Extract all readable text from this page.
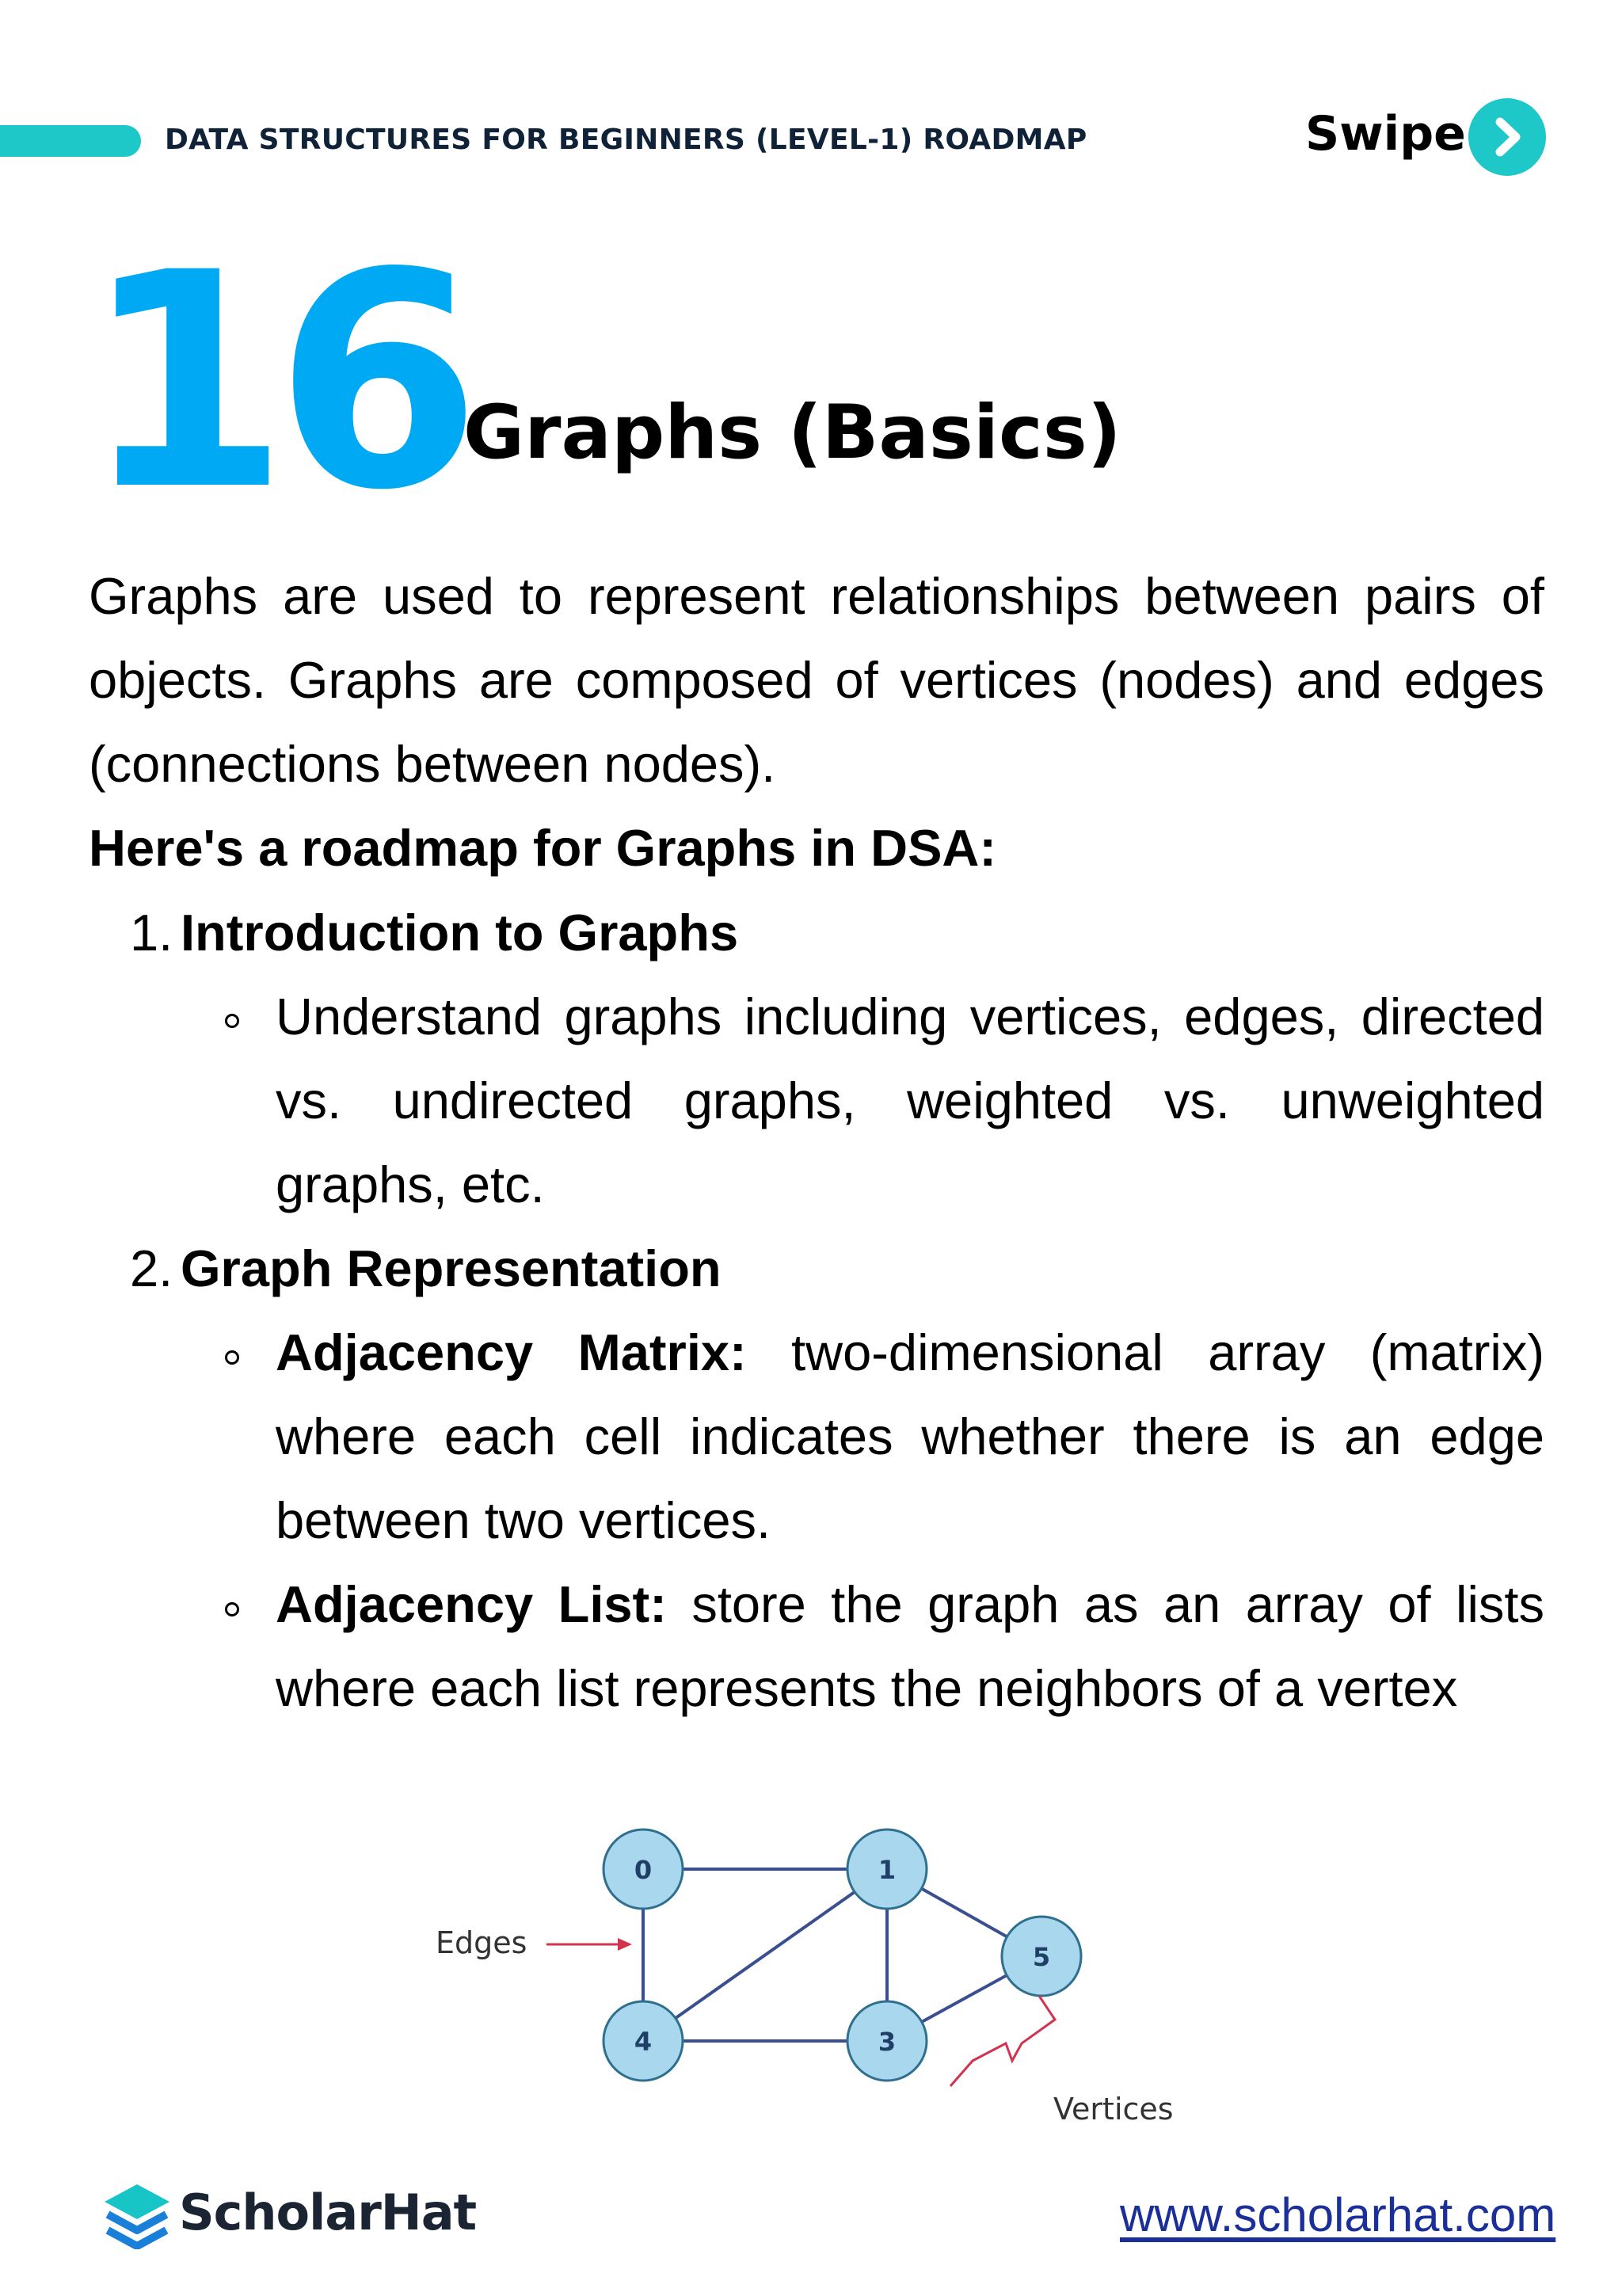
DATA STRUCTURES FOR BEGINNERS (LEVEL-1) ROADMAP	Swipe
16
Graphs (Basics)
Graphs are used to represent relationships between pairs of objects. Graphs are composed of vertices (nodes) and edges (connections between nodes).
Here's a roadmap for Graphs in DSA:
1. Introduction to Graphs
Understand graphs including vertices, edges, directed vs. undirected graphs, weighted vs. unweighted graphs, etc.
2. Graph Representation
Adjacency Matrix: two-dimensional array (matrix) where each cell indicates whether there is an edge between two vertices.
Adjacency List: store the graph as an array of lists where each list represents the neighbors of a vertex
0	1
5
4	3
Edges
Vertices
ScholarHat	www.scholarhat.com
